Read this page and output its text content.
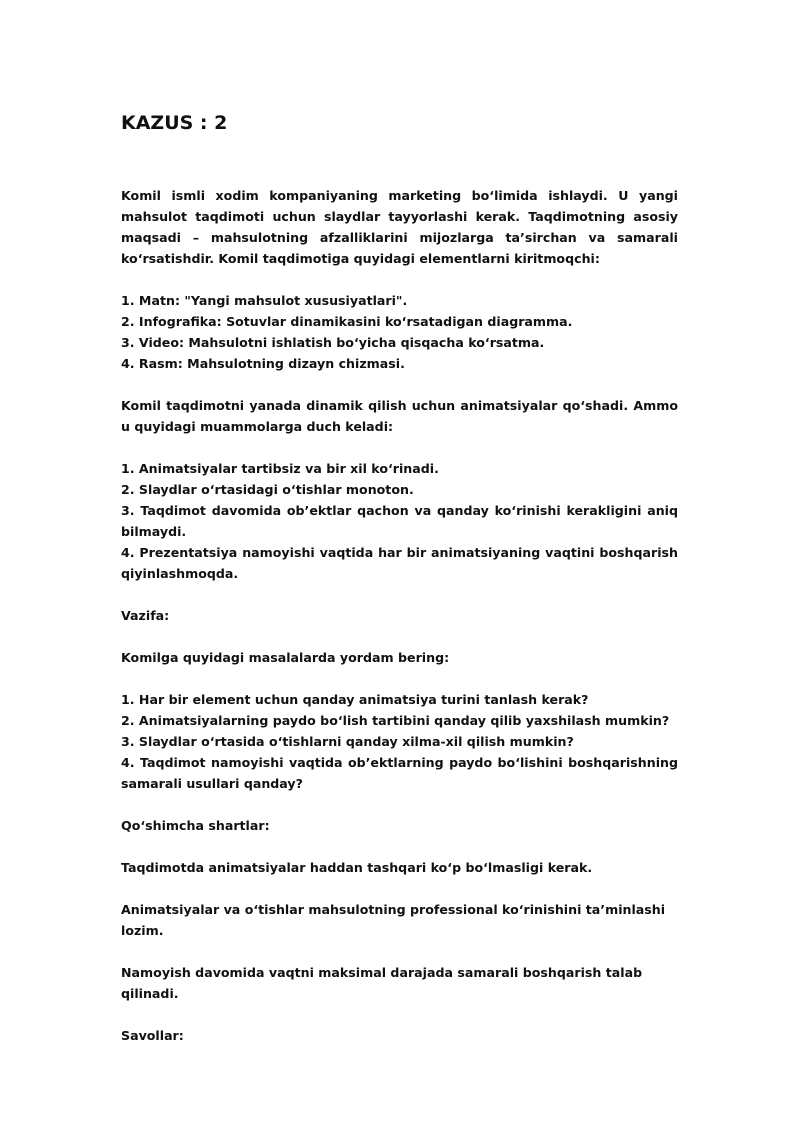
KAZUS : 2

Komil ismli xodim kompaniyaning marketing bo‘limida ishlaydi. U yangi mahsulot taqdimoti uchun slaydlar tayyorlashi kerak. Taqdimotning asosiy maqsadi – mahsulotning afzalliklarini mijozlarga ta’sirchan va samarali ko‘rsatishdir. Komil taqdimotiga quyidagi elementlarni kiritmoqchi:

1. Matn: "Yangi mahsulot xususiyatlari".

2. Infografika: Sotuvlar dinamikasini ko‘rsatadigan diagramma.

3. Video: Mahsulotni ishlatish bo‘yicha qisqacha ko‘rsatma.

4. Rasm: Mahsulotning dizayn chizmasi.

Komil taqdimotni yanada dinamik qilish uchun animatsiyalar qo‘shadi. Ammo u quyidagi muammolarga duch keladi:

1. Animatsiyalar tartibsiz va bir xil ko‘rinadi.

2. Slaydlar o‘rtasidagi o‘tishlar monoton.

3. Taqdimot davomida ob’ektlar qachon va qanday ko‘rinishi kerakligini aniq bilmaydi.

4. Prezentatsiya namoyishi vaqtida har bir animatsiyaning vaqtini boshqarish qiyinlashmoqda.

Vazifa:

Komilga quyidagi masalalarda yordam bering:

1. Har bir element uchun qanday animatsiya turini tanlash kerak?

2. Animatsiyalarning paydo bo‘lish tartibini qanday qilib yaxshilash mumkin?

3. Slaydlar o‘rtasida o‘tishlarni qanday xilma-xil qilish mumkin?

4. Taqdimot namoyishi vaqtida ob’ektlarning paydo bo‘lishini boshqarishning samarali usullari qanday?

Qo‘shimcha shartlar:

Taqdimotda animatsiyalar haddan tashqari ko‘p bo‘lmasligi kerak.

Animatsiyalar va o‘tishlar mahsulotning professional ko‘rinishini ta’minlashi lozim.

Namoyish davomida vaqtni maksimal darajada samarali boshqarish talab qilinadi.

Savollar:
